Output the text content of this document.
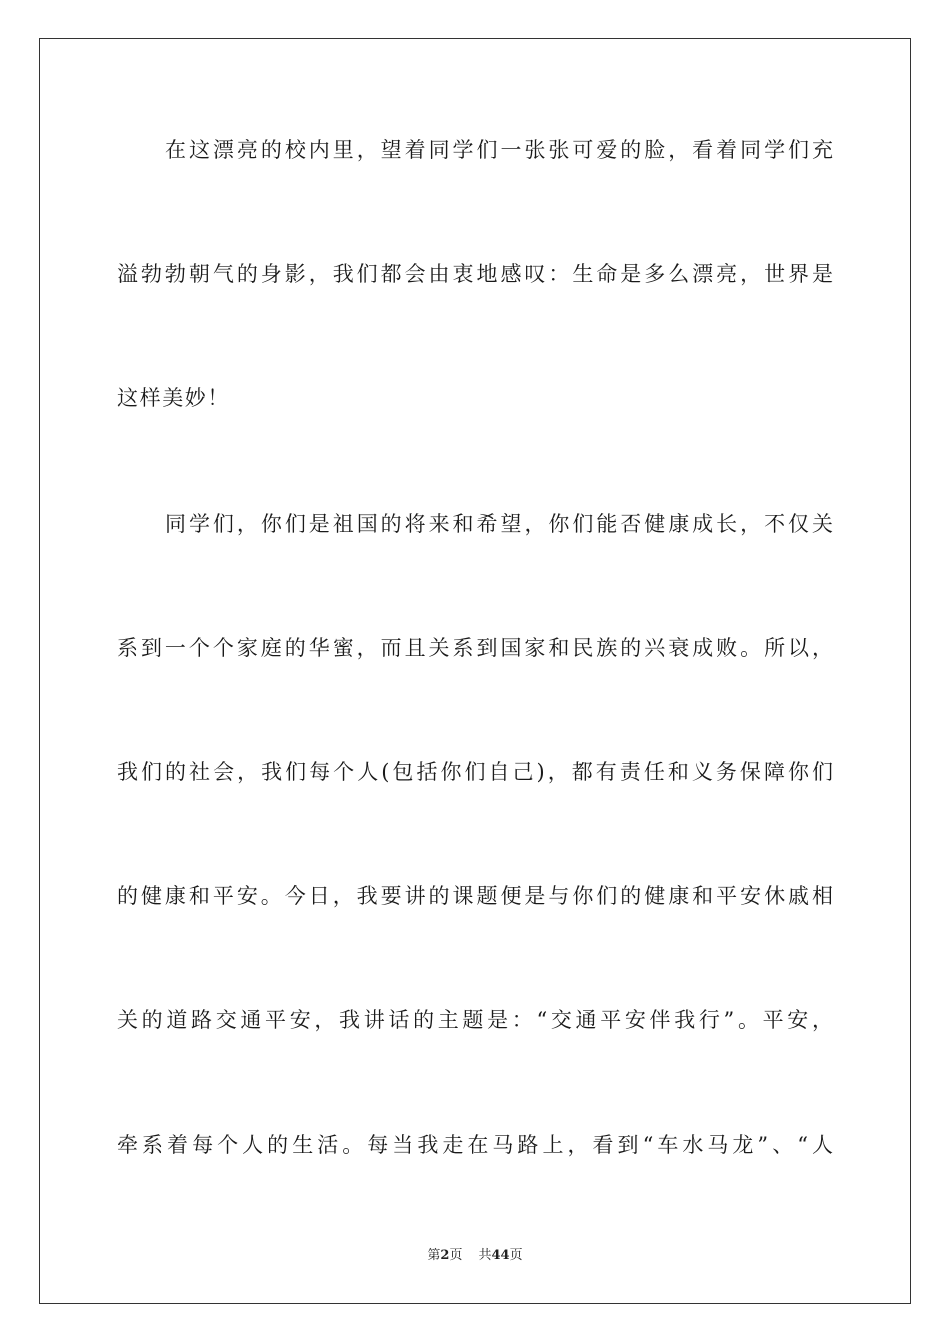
在这漂亮的校内里，望着同学们一张张可爱的脸，看着同学们充
溢勃勃朝气的身影，我们都会由衷地感叹：生命是多么漂亮，世界是
这样美妙！
同学们，你们是祖国的将来和希望，你们能否健康成长，不仅关
系到一个个家庭的华蜜，而且关系到国家和民族的兴衰成败。所以，
我们的社会，我们每个人(包括你们自己)，都有责任和义务保障你们
的健康和平安。今日，我要讲的课题便是与你们的健康和平安休戚相
关的道路交通平安，我讲话的主题是：“交通平安伴我行”。平安，
牵系着每个人的生活。每当我走在马路上，看到“车水马龙”、“人
第2页 共44页
